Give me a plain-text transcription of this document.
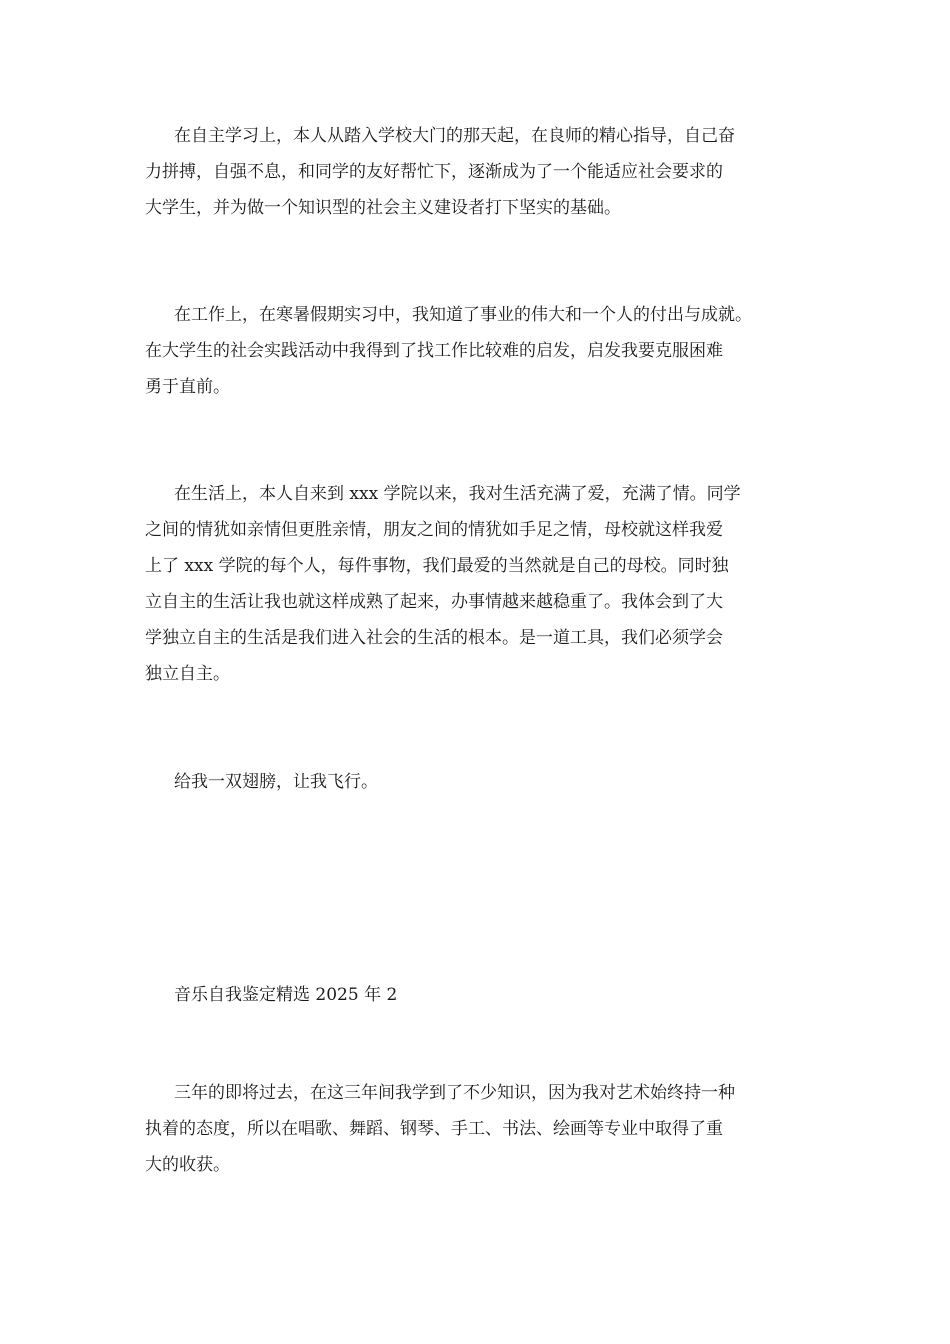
在自主学习上，本人从踏入学校大门的那天起，在良师的精心指导，自己奋
力拼搏，自强不息，和同学的友好帮忙下，逐渐成为了一个能适应社会要求的
大学生，并为做一个知识型的社会主义建设者打下坚实的基础。
在工作上，在寒暑假期实习中，我知道了事业的伟大和一个人的付出与成就。
在大学生的社会实践活动中我得到了找工作比较难的启发，启发我要克服困难
勇于直前。
在生活上，本人自来到 xxx 学院以来，我对生活充满了爱，充满了情。同学
之间的情犹如亲情但更胜亲情，朋友之间的情犹如手足之情，母校就这样我爱
上了 xxx 学院的每个人，每件事物，我们最爱的当然就是自己的母校。同时独
立自主的生活让我也就这样成熟了起来，办事情越来越稳重了。我体会到了大
学独立自主的生活是我们进入社会的生活的根本。是一道工具，我们必须学会
独立自主。
给我一双翅膀，让我飞行。
音乐自我鉴定精选 2025 年 2
三年的即将过去，在这三年间我学到了不少知识，因为我对艺术始终持一种
执着的态度，所以在唱歌、舞蹈、钢琴、手工、书法、绘画等专业中取得了重
大的收获。
